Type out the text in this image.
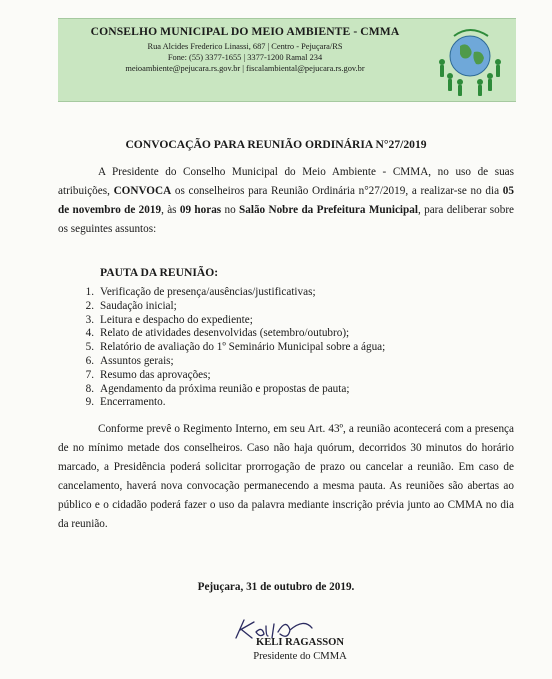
CONSELHO MUNICIPAL DO MEIO AMBIENTE - CMMA
Rua Alcides Frederico Linassi, 687 | Centro - Pejuçara/RS
Fone: (55) 3377-1655 | 3377-1200 Ramal 234
meioambiente@pejucara.rs.gov.br | fiscalambiental@pejucara.rs.gov.br
CONVOCAÇÃO PARA REUNIÃO ORDINÁRIA N°27/2019
A Presidente do Conselho Municipal do Meio Ambiente - CMMA, no uso de suas atribuições, CONVOCA os conselheiros para Reunião Ordinária n°27/2019, a realizar-se no dia 05 de novembro de 2019, às 09 horas no Salão Nobre da Prefeitura Municipal, para deliberar sobre os seguintes assuntos:
PAUTA DA REUNIÃO:
1. Verificação de presença/ausências/justificativas;
2. Saudação inicial;
3. Leitura e despacho do expediente;
4. Relato de atividades desenvolvidas (setembro/outubro);
5. Relatório de avaliação do 1º Seminário Municipal sobre a água;
6. Assuntos gerais;
7. Resumo das aprovações;
8. Agendamento da próxima reunião e propostas de pauta;
9. Encerramento.
Conforme prevê o Regimento Interno, em seu Art. 43º, a reunião acontecerá com a presença de no mínimo metade dos conselheiros. Caso não haja quórum, decorridos 30 minutos do horário marcado, a Presidência poderá solicitar prorrogação de prazo ou cancelar a reunião. Em caso de cancelamento, haverá nova convocação permanecendo a mesma pauta. As reuniões são abertas ao público e o cidadão poderá fazer o uso da palavra mediante inscrição prévia junto ao CMMA no dia da reunião.
Pejuçara, 31 de outubro de 2019.
KELI RAGASSON
Presidente do CMMA
